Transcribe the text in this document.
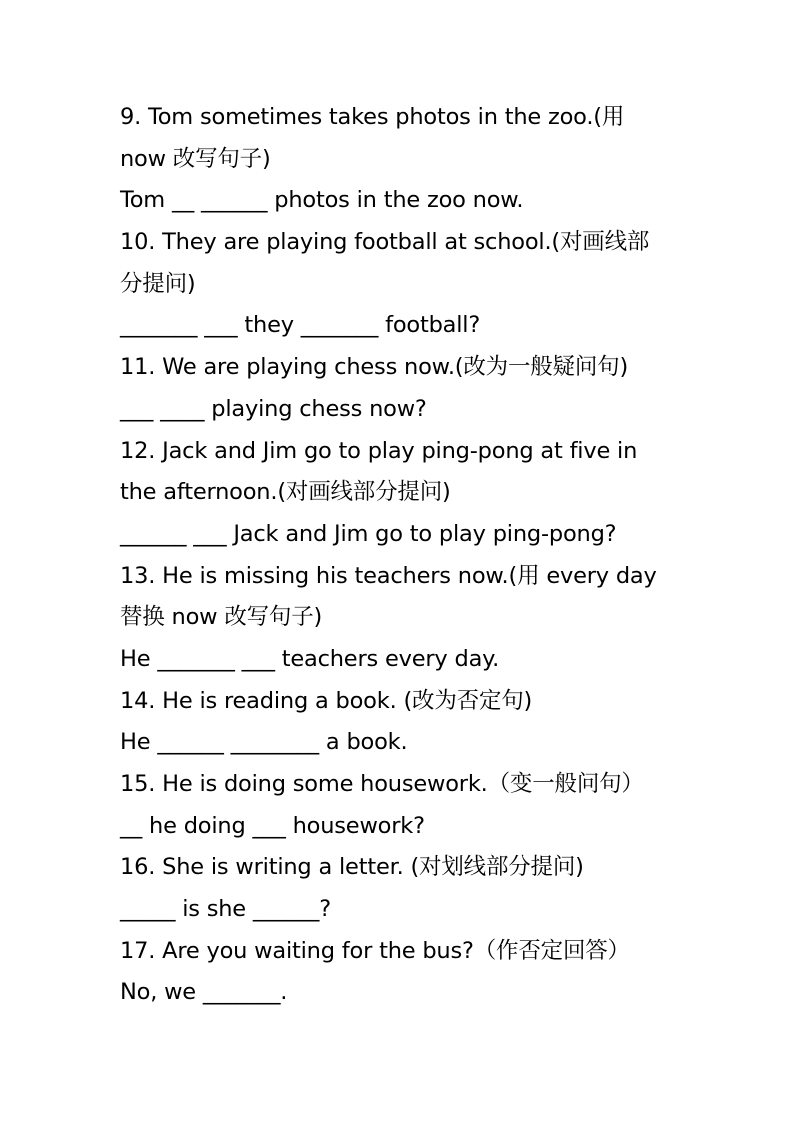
9. Tom sometimes takes photos in the zoo.(用
now 改写句子)
Tom __ ______ photos in the zoo now.
10. They are playing football at school.(对画线部
分提问)
_______ ___ they _______ football?
11. We are playing chess now.(改为一般疑问句)
___ ____ playing chess now?
12. Jack and Jim go to play ping-pong at five in
the afternoon.(对画线部分提问)
______ ___ Jack and Jim go to play ping-pong?
13. He is missing his teachers now.(用 every day
替换 now 改写句子)
He _______ ___ teachers every day.
14. He is reading a book. (改为否定句)
He ______ ________ a book.
15. He is doing some housework.（变一般问句）
__ he doing ___ housework?
16. She is writing a letter. (对划线部分提问)
_____ is she ______?
17. Are you waiting for the bus?（作否定回答）
No, we _______.
